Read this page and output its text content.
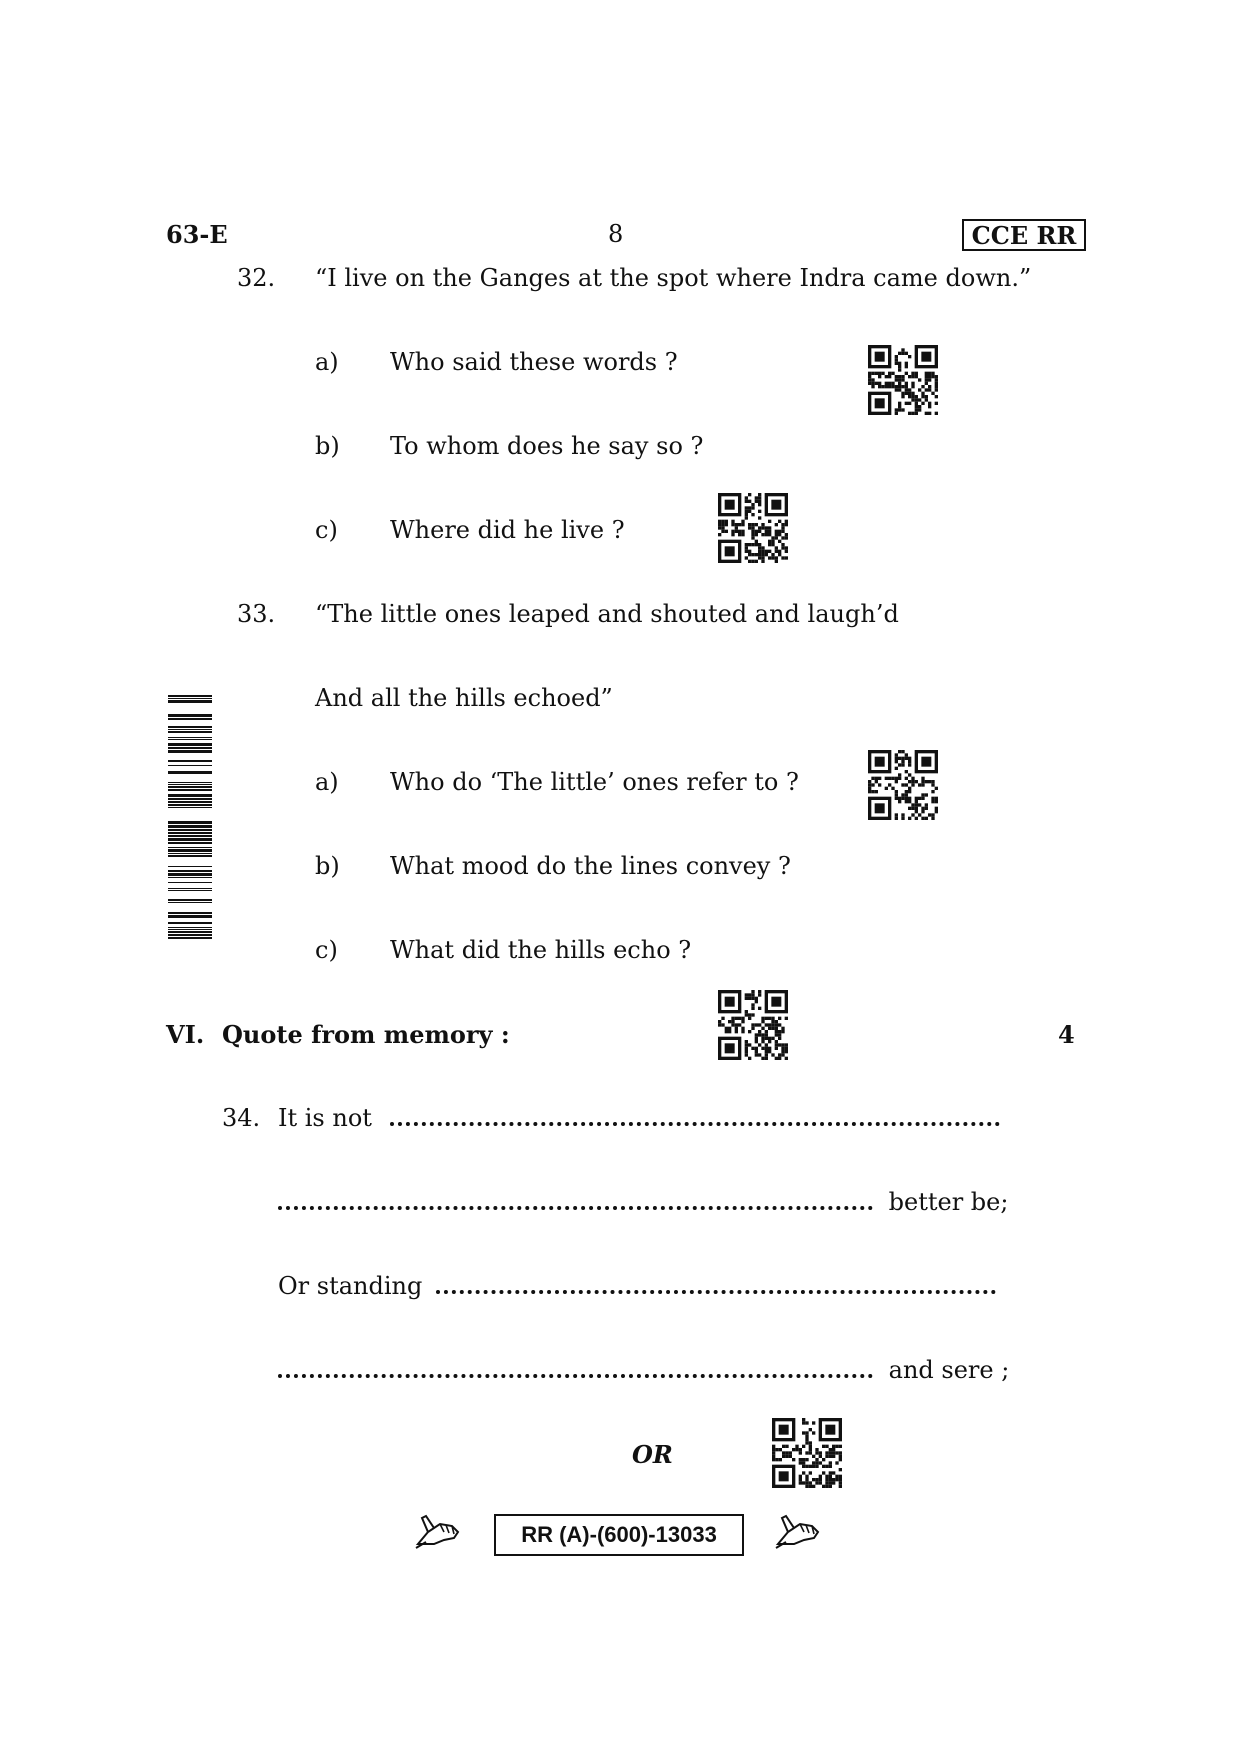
63-E	8	CCE RR
32. “I live on the Ganges at the spot where Indra came down.”
a) Who said these words ?
b) To whom does he say so ?
c) Where did he live ?
33. “The little ones leaped and shouted and laugh’d
And all the hills echoed”
a) Who do ‘The little’ ones refer to ?
b) What mood do the lines convey ?
c) What did the hills echo ?
VI. Quote from memory :	4
34. It is not
better be;
Or standing
and sere ;
OR
RR (A)-(600)-13033
